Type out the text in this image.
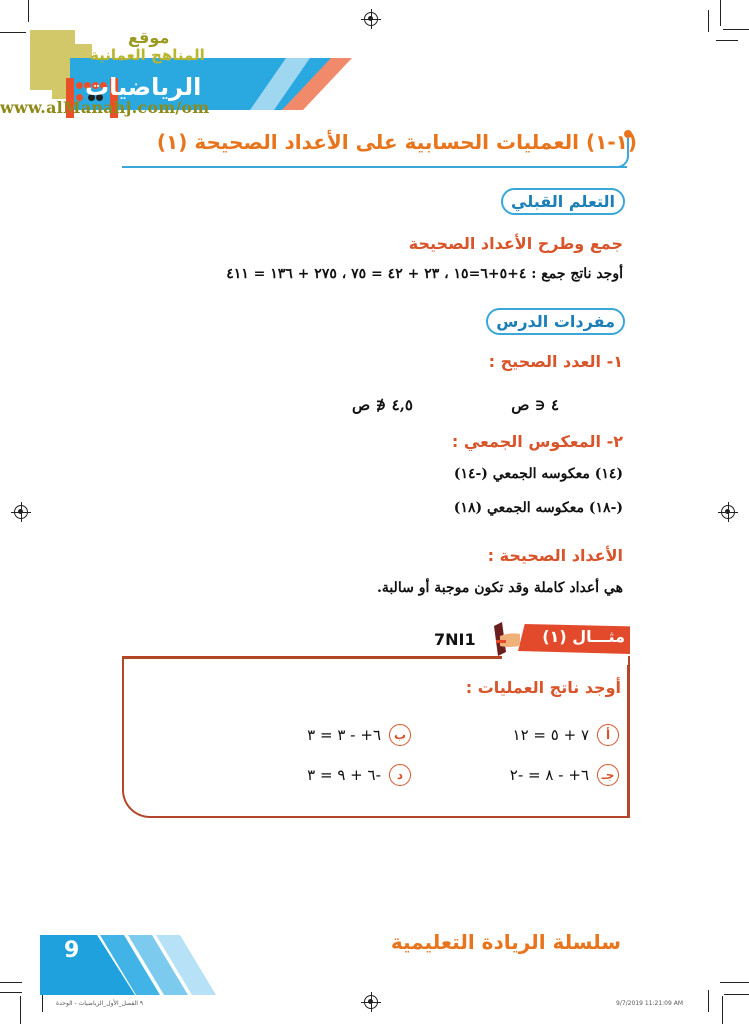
موقع
المناهج العمانية
الرياضيات
www.alManahj.com/om
(١-١) العمليات الحسابية على الأعداد الصحيحة (١)
التعلم القبلي
جمع وطرح الأعداد الصحيحة
أوجد ناتج جمع : ٤+٥+٦=١٥ ، ٢٣ + ٤٢ = ٧٥ ، ٢٧٥ + ١٣٦ = ٤١١
مفردات الدرس
١- العدد الصحيح :
٤ ∈ ص
٤,٥ ∉ ص
٢- المعكوس الجمعي :
(١٤) معكوسه الجمعي (-١٤)
(-١٨) معكوسه الجمعي (١٨)
الأعداد الصحيحة :
هي أعداد كاملة وقد تكون موجبة أو سالبة.
مثـــال (١)
7NI1
أوجد ناتج العمليات :
أ
٧ + ٥ = ١٢
ب
٦+ - ٣ = ٣
جـ
٦+ - ٨ = -٢
د
-٦ + ٩ = ٣
9	سلسلة الريادة التعليمية
٩ الفصل_الأول_الرياضيات - الوحدة	9/7/2019 11:21:09 AM
